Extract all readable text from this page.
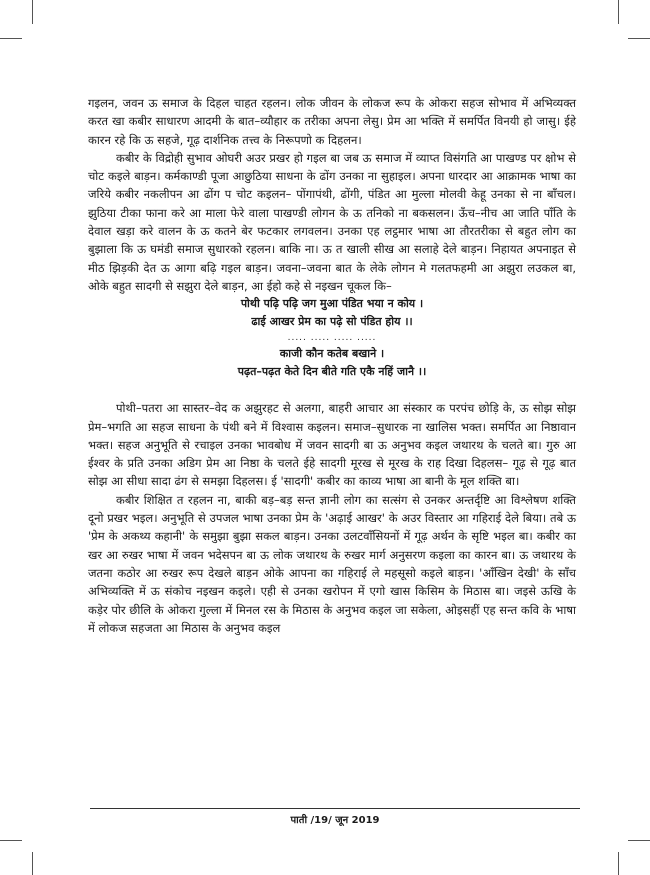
गइलन, जवन ऊ समाज के दिहल चाहत रहलन। लोक जीवन के लोकज रूप के ओकरा सहज सोभाव में अभिव्यक्त करत खा कबीर साधारण आदमी के बात–व्यौहार क तरीका अपना लेसु। प्रेम आ भक्ति में समर्पित विनयी हो जासु। ईहे कारन रहे कि ऊ सहजे, गूढ़ दार्शनिक तत्त्व के निरूपणो क दिहलन।

कबीर के विद्रोही सुभाव ओघरी अउर प्रखर हो गइल बा जब ऊ समाज में व्याप्त विसंगति आ पाखण्ड पर क्षोभ से चोट कइले बाड़न। कर्मकाण्डी पूजा आछुठिया साधना के ढोंग उनका ना सुहाइल। अपना धारदार आ आक्रामक भाषा का जरिये कबीर नकलीपन आ ढोंग प चोट कइलन– पोंगापंथी, ढोंगी, पंडित आ मुल्ला मोलवी केहू उनका से ना बाँचल। झुठिया टीका फाना करे आ माला फेरे वाला पाखण्डी लोगन के ऊ तनिको ना बकसलन। ऊँच–नीच आ जाति पाँति के देवाल खड़ा करे वालन के ऊ कतने बेर फटकार लगवलन। उनका एह लट्ठमार भाषा आ तौरतरीका से बहुत लोग का बुझाला कि ऊ घमंडी समाज सुधारको रहलन। बाकि ना। ऊ त खाली सीख आ सलाहे देले बाड़न। निहायत अपनाइत से मीठ झिड़की देत ऊ आगा बढ़ि गइल बाड़न। जवना–जवना बात के लेके लोगन मे गलतफहमी आ अझुरा लउकल बा, ओके बहुत सादगी से सझुरा देले बाड़न, आ ईहो कहे से नइखन चूकल कि–

पोथी पढ़ि पढ़ि जग मुआ पंडित भया न कोय ।

ढाई आखर प्रेम का पढ़े सो पंडित होय ।।

..... ..... ..... .....

काजी कौन कतेब बखाने ।

पढ़त–पढ़त केते दिन बीते गति एकै नहिं जानै ।।

पोथी–पतरा आ सास्तर–वेद क अझुरहट से अलगा, बाहरी आचार आ संस्कार क परपंच छोड़ि के, ऊ सोझ सोझ प्रेम–भगति आ सहज साधना के पंथी बने में विश्वास कइलन। समाज–सुधारक ना खालिस भक्त। समर्पित आ निष्ठावान भक्त। सहज अनुभूति से रचाइल उनका भावबोध में जवन सादगी बा ऊ अनुभव कइल जथारथ के चलते बा। गुरु आ ईश्वर के प्रति उनका अडिग प्रेम आ निष्ठा के चलते ईहे सादगी मूरख से मूरख के राह दिखा दिहलस– गूढ़ से गूढ़ बात सोझ आ सीधा सादा ढंग से समझा दिहलस। ई 'सादगी' कबीर का काव्य भाषा आ बानी के मूल शक्ति बा।

कबीर शिक्षित त रहलन ना, बाकी बड़–बड़ सन्त ज्ञानी लोग का सत्संग से उनकर अन्तर्दृष्टि आ विश्लेषण शक्ति दूनो प्रखर भइल। अनुभूति से उपजल भाषा उनका प्रेम के 'अढ़ाई आखर' के अउर विस्तार आ गहिराई देले बिया। तबे ऊ 'प्रेम के अकथ्य कहानी' के समुझा बुझा सकल बाड़न। उनका उलटवाँसियनों में गूढ़ अर्थन के सृष्टि भइल बा। कबीर का खर आ रुखर भाषा में जवन भदेसपन बा ऊ लोक जथारथ के रुखर मार्ग अनुसरण कइला का कारन बा। ऊ जथारथ के जतना कठोर आ रुखर रूप देखले बाड़न ओके आपना का गहिराई ले महसूसो कइले बाड़न। 'आँखिन देखी' के साँच अभिव्यक्ति में ऊ संकोच नइखन कइले। एही से उनका खरोपन में एगो खास किसिम के मिठास बा। जइसे ऊखि के कड़ेर पोर छीलि के ओकरा गुल्ला में मिनल रस के मिठास के अनुभव कइल जा सकेला, ओइसहीं एह सन्त कवि के भाषा में लोकज सहजता आ मिठास के अनुभव कइल

पाती /19/ जून 2019
